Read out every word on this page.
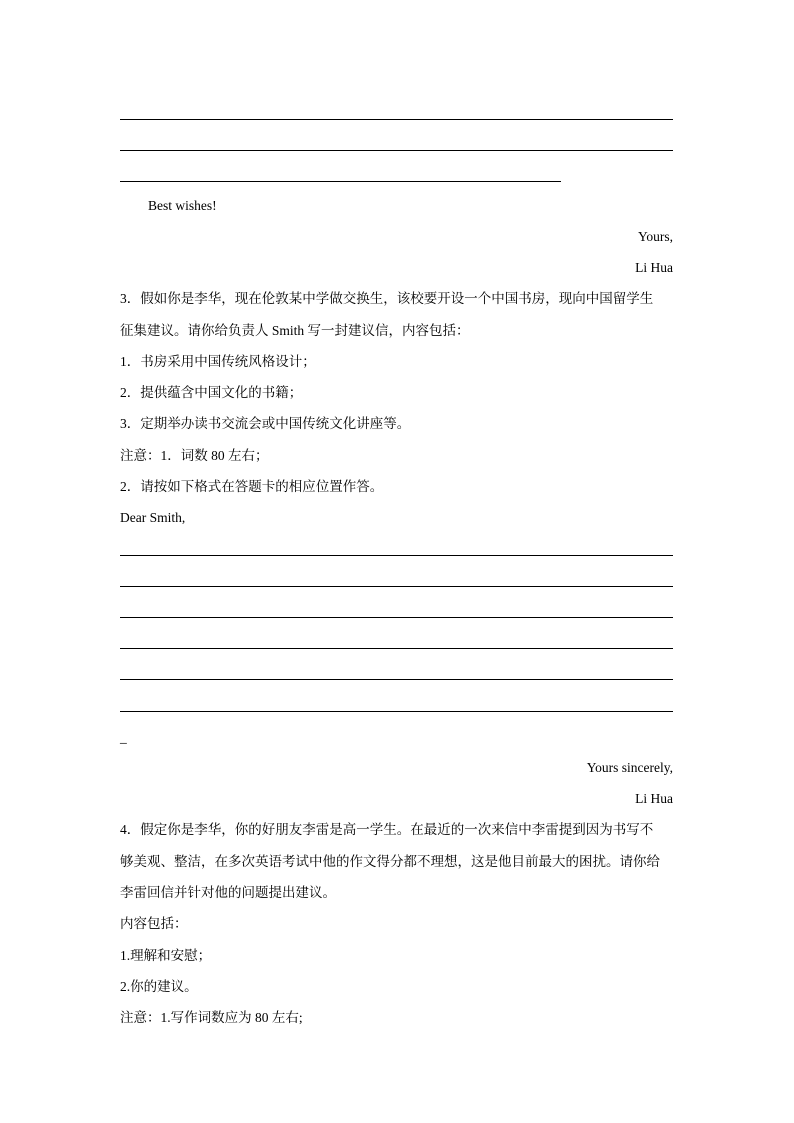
Best wishes!
Yours,
Li Hua
3．假如你是李华，现在伦敦某中学做交换生，该校要开设一个中国书房，现向中国留学生
征集建议。请你给负责人 Smith 写一封建议信，内容包括：
1．书房采用中国传统风格设计；
2．提供蕴含中国文化的书籍；
3．定期举办读书交流会或中国传统文化讲座等。
注意：1．词数 80 左右；
2．请按如下格式在答题卡的相应位置作答。
Dear Smith,
_
Yours sincerely,
Li Hua
4．假定你是李华，你的好朋友李雷是高一学生。在最近的一次来信中李雷提到因为书写不
够美观、整洁，在多次英语考试中他的作文得分都不理想，这是他目前最大的困扰。请你给
李雷回信并针对他的问题提出建议。
内容包括：
1.理解和安慰；
2.你的建议。
注意：1.写作词数应为 80 左右;
